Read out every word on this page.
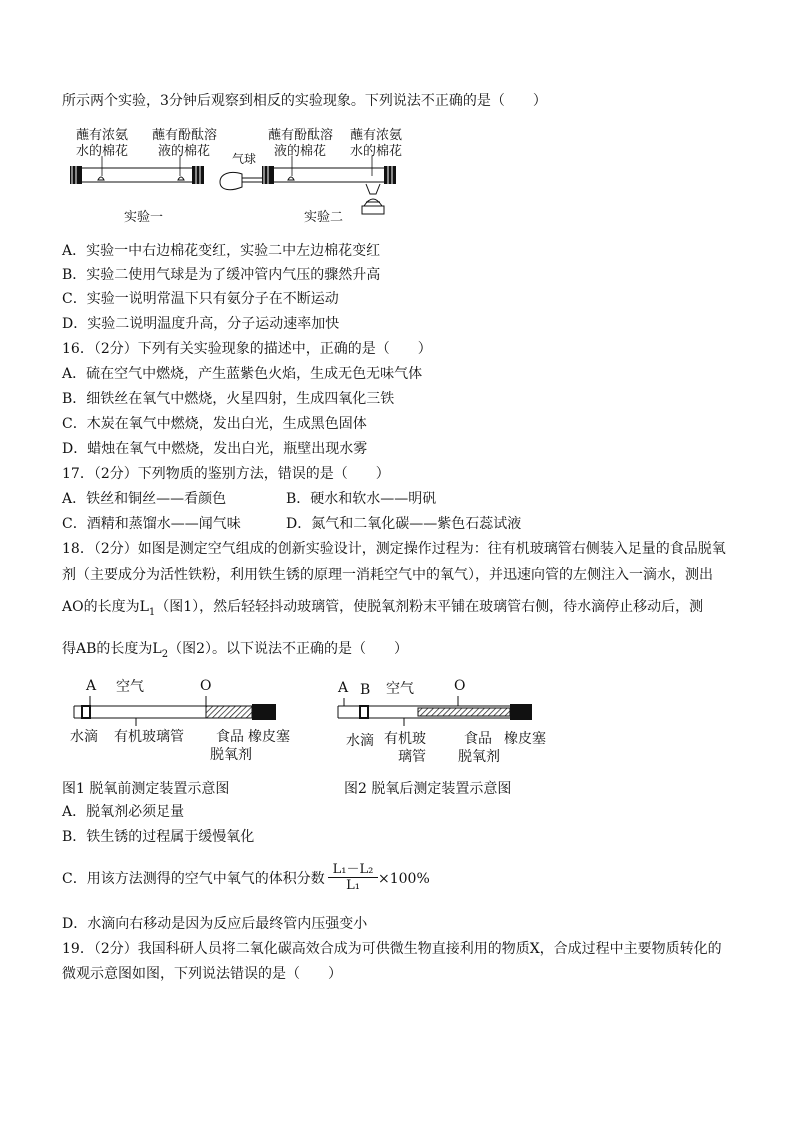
所示两个实验，3分钟后观察到相反的实验现象。下列说法不正确的是（　　）
蘸有浓氨
水的棉花
蘸有酚酞溶
液的棉花
蘸有酚酞溶
液的棉花
蘸有浓氨
水的棉花
气球
实验一	实验二
A．实验一中右边棉花变红，实验二中左边棉花变红
B．实验二使用气球是为了缓冲管内气压的骤然升高
C．实验一说明常温下只有氨分子在不断运动
D．实验二说明温度升高，分子运动速率加快
16．（2分）下列有关实验现象的描述中，正确的是（　　）
A．硫在空气中燃烧，产生蓝紫色火焰，生成无色无味气体
B．细铁丝在氧气中燃烧，火星四射，生成四氧化三铁
C．木炭在氧气中燃烧，发出白光，生成黑色固体
D．蜡烛在氧气中燃烧，发出白光，瓶壁出现水雾
17．（2分）下列物质的鉴别方法，错误的是（　　）
A．铁丝和铜丝——看颜色	B．硬水和软水——明矾
C．酒精和蒸馏水——闻气味	D．氮气和二氧化碳——紫色石蕊试液
18．（2分）如图是测定空气组成的创新实验设计，测定操作过程为：往有机玻璃管右侧装入足量的食品脱氧
剂（主要成分为活性铁粉，利用铁生锈的原理一消耗空气中的氧气），并迅速向管的左侧注入一滴水，测出
AO的长度为$L_1$（图1），然后轻轻抖动玻璃管，使脱氧剂粉末平铺在玻璃管右侧，待水滴停止移动后，测
得AB的长度为$L_2$（图2）。以下说法不正确的是（　　）
A 空气	O
水滴 有机玻璃管 食品
脱氧剂
橡皮塞
A B 空气	O
水滴 有机玻
璃管
食品
脱氧剂
橡皮塞
图1 脱氧前测定装置示意图	图2 脱氧后测定装置示意图
A．脱氧剂必须足量
B．铁生锈的过程属于缓慢氧化
C．用该方法测得的空气中氧气的体积分数 $\frac{\text{L₁－L₂}}{\text{L₁}} \times 100\%$
D．水滴向右移动是因为反应后最终管内压强变小
19．（2分）我国科研人员将二氧化碳高效合成为可供微生物直接利用的物质X，合成过程中主要物质转化的
微观示意图如图，下列说法错误的是（　　）
